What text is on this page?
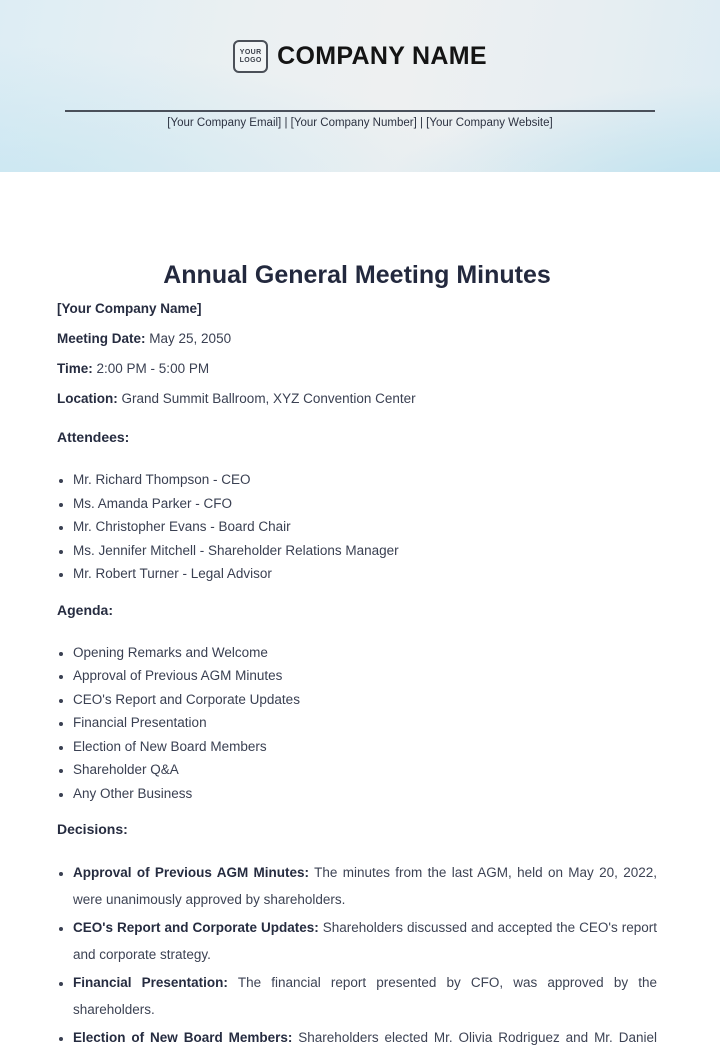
YOUR
LOGO COMPANY NAME
[Your Company Email] | [Your Company Number] | [Your Company Website]
Annual General Meeting Minutes

[Your Company Name]

Meeting Date: May 25, 2050

Time: 2:00 PM - 5:00 PM

Location: Grand Summit Ballroom, XYZ Convention Center

Attendees:
• Mr. Richard Thompson - CEO
• Ms. Amanda Parker - CFO
• Mr. Christopher Evans - Board Chair
• Ms. Jennifer Mitchell - Shareholder Relations Manager
• Mr. Robert Turner - Legal Advisor
Agenda:
• Opening Remarks and Welcome
• Approval of Previous AGM Minutes
• CEO's Report and Corporate Updates
• Financial Presentation
• Election of New Board Members
• Shareholder Q&A
• Any Other Business
Decisions:
• Approval of Previous AGM Minutes: The minutes from the last AGM, held on May 20, 2022, were unanimously approved by shareholders.
• CEO's Report and Corporate Updates: Shareholders discussed and accepted the CEO's report and corporate strategy.
• Financial Presentation: The financial report presented by CFO, was approved by the shareholders.
• Election of New Board Members: Shareholders elected Mr. Olivia Rodriguez and Mr. Daniel
